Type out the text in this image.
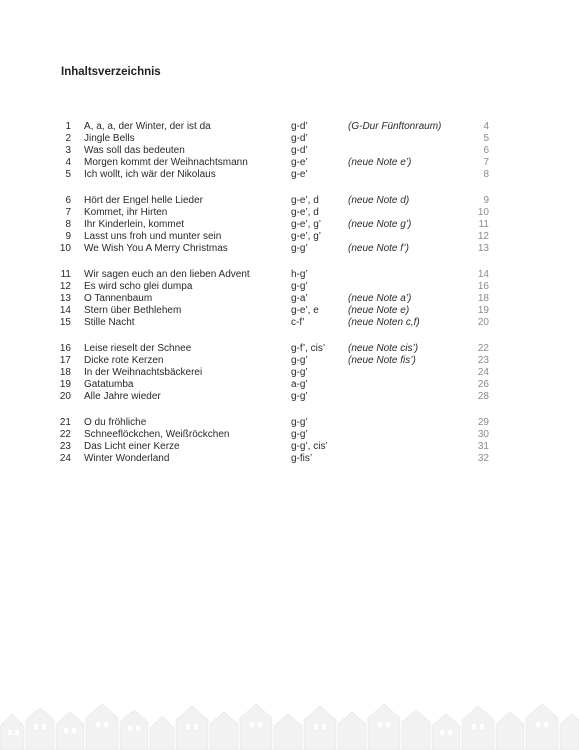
Inhaltsverzeichnis
1 A, a, a, der Winter, der ist da	g-d’	(G-Dur Fünftonraum)	4
2 Jingle Bells	g-d’	5
3 Was soll das bedeuten	g-d’	6
4 Morgen kommt der Weihnachtsmann	g-e’	(neue Note e’)	7
5 Ich wollt, ich wär der Nikolaus	g-e’	8
6 Hört der Engel helle Lieder	g-e’, d	(neue Note d)	9
7 Kommet, ihr Hirten	g-e’, d	10
8 Ihr Kinderlein, kommet	g-e’, g’	(neue Note g’)	11
9 Lasst uns froh und munter sein	g-e’, g’	12
10 We Wish You A Merry Christmas	g-g’	(neue Note f’)	13
11 Wir sagen euch an den lieben Advent	h-g’	14
12 Es wird scho glei dumpa	g-g’	16
13 O Tannenbaum	g-a’	(neue Note a’)	18
14 Stern über Bethlehem	g-e’, e	(neue Note e)	19
15 Stille Nacht	c-f’	(neue Noten c,f)	20
16 Leise rieselt der Schnee	g-f’, cis’ (neue Note cis’)	22
17 Dicke rote Kerzen	g-g’	(neue Note fis’)	23
18 In der Weihnachtsbäckerei	g-g’	24
19 Gatatumba	a-g’	26
20 Alle Jahre wieder	g-g’	28
21 O du fröhliche	g-g’	29
22 Schneeflöckchen, Weißröckchen	g-g’	30
23 Das Licht einer Kerze	g-g’, cis’	31
24 Winter Wonderland	g-fis’	32
